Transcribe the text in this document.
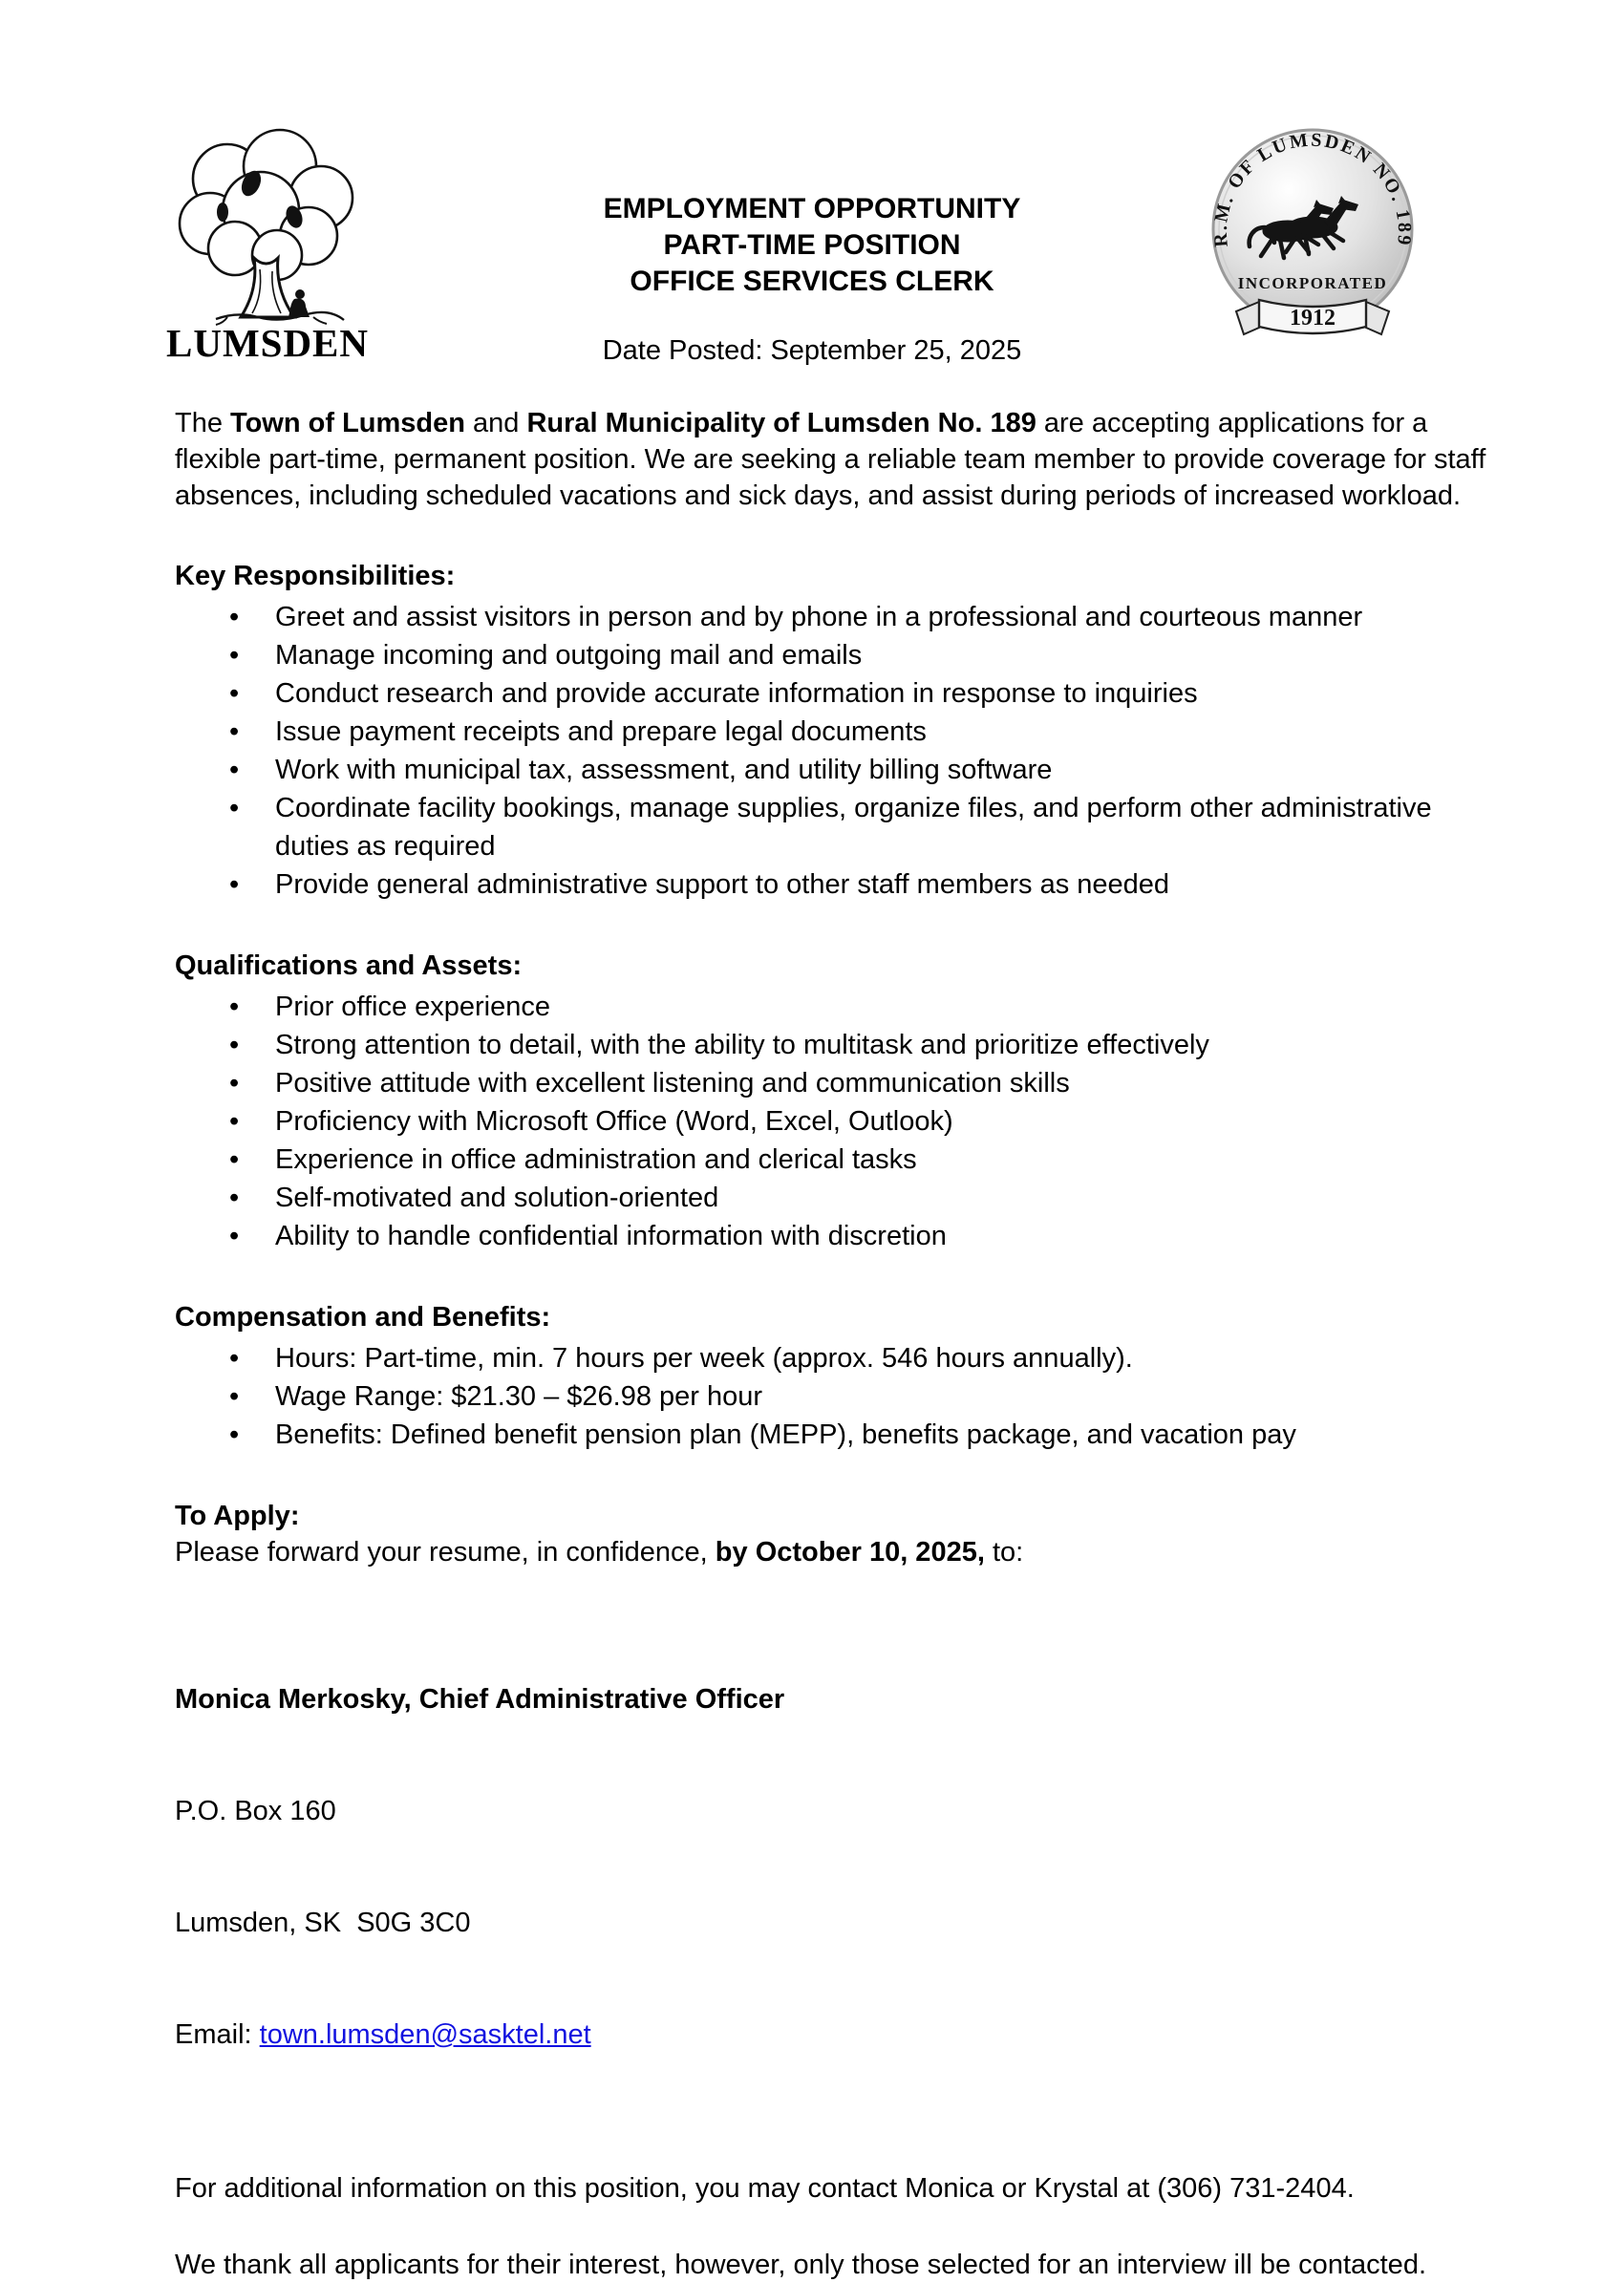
LUMSDEN
EMPLOYMENT OPPORTUNITY
PART-TIME POSITION
OFFICE SERVICES CLERK
Date Posted: September 25, 2025
R.M. OF LUMSDEN NO. 189
INCORPORATED
1912

The Town of Lumsden and Rural Municipality of Lumsden No. 189 are accepting applications for a flexible part-time, permanent position. We are seeking a reliable team member to provide coverage for staff absences, including scheduled vacations and sick days, and assist during periods of increased workload.

Key Responsibilities:
• Greet and assist visitors in person and by phone in a professional and courteous manner
• Manage incoming and outgoing mail and emails
• Conduct research and provide accurate information in response to inquiries
• Issue payment receipts and prepare legal documents
• Work with municipal tax, assessment, and utility billing software
• Coordinate facility bookings, manage supplies, organize files, and perform other administrative duties as required
• Provide general administrative support to other staff members as needed
Qualifications and Assets:
• Prior office experience
• Strong attention to detail, with the ability to multitask and prioritize effectively
• Positive attitude with excellent listening and communication skills
• Proficiency with Microsoft Office (Word, Excel, Outlook)
• Experience in office administration and clerical tasks
• Self-motivated and solution-oriented
• Ability to handle confidential information with discretion
Compensation and Benefits:
• Hours: Part-time, min. 7 hours per week (approx. 546 hours annually).
• Wage Range: $21.30 – $26.98 per hour
• Benefits: Defined benefit pension plan (MEPP), benefits package, and vacation pay
To Apply:

Please forward your resume, in confidence, by October 10, 2025, to:

Monica Merkosky, Chief Administrative Officer

P.O. Box 160

Lumsden, SK  S0G 3C0

Email: town.lumsden@sasktel.net

For additional information on this position, you may contact Monica or Krystal at (306) 731-2404.

We thank all applicants for their interest, however, only those selected for an interview ill be contacted.
